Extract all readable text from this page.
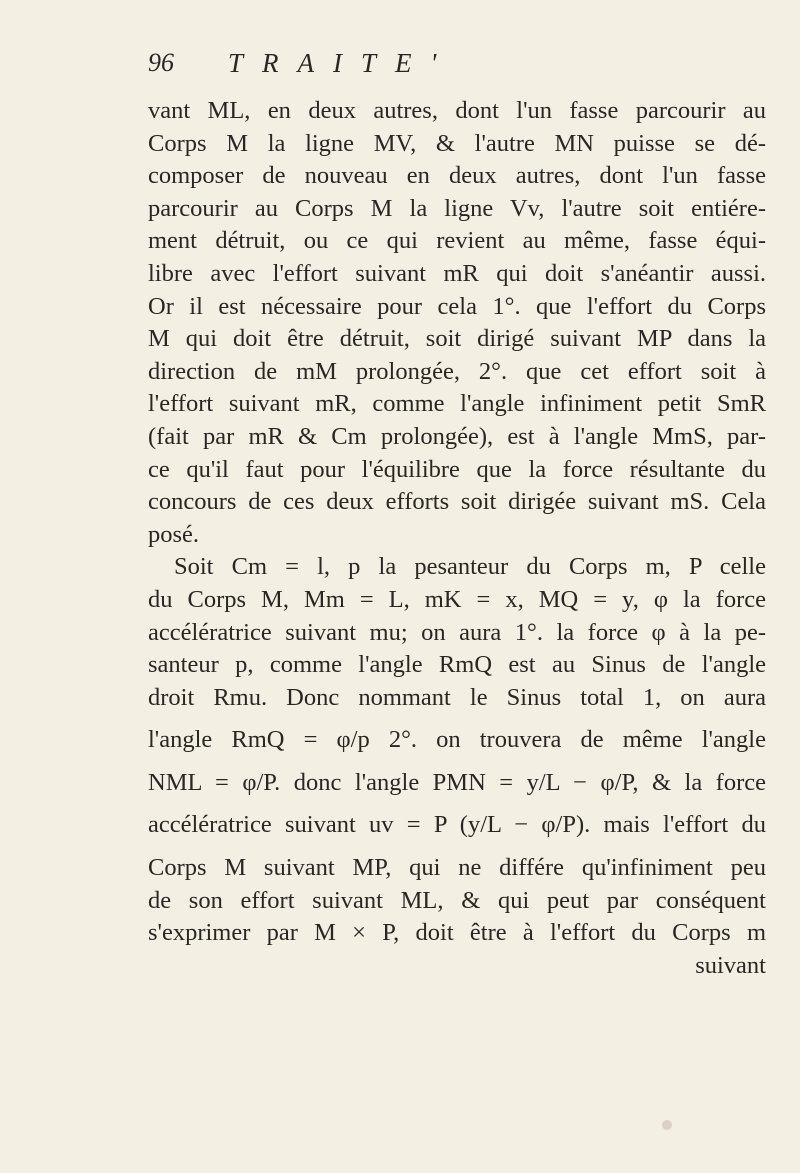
96 TRAITE'
vant ML, en deux autres, dont l'un fasse parcourir au
Corps M la ligne MV, & l'autre MN puisse se dé-
composer de nouveau en deux autres, dont l'un fasse
parcourir au Corps M la ligne Vv, l'autre soit entiére-
ment détruit, ou ce qui revient au même, fasse équi-
libre avec l'effort suivant mR qui doit s'anéantir aussi.
Or il est nécessaire pour cela 1°. que l'effort du Corps
M qui doit être détruit, soit dirigé suivant MP dans la
direction de mM prolongée, 2°. que cet effort soit à
l'effort suivant mR, comme l'angle infiniment petit SmR
(fait par mR & Cm prolongée), est à l'angle MmS, par-
ce qu'il faut pour l'équilibre que la force résultante du
concours de ces deux efforts soit dirigée suivant mS. Cela
posé.
Soit Cm = l, p la pesanteur du Corps m, P celle
du Corps M, Mm = L, mK = x, MQ = y, φ la force
accélératrice suivant mu; on aura 1°. la force φ à la pe-
santeur p, comme l'angle RmQ est au Sinus de l'angle
droit Rmu. Donc nommant le Sinus total 1, on aura
l'angle RmQ = φ/p 2°. on trouvera de même l'angle
NML = φ/P. donc l'angle PMN = y/L − φ/P, & la force
accélératrice suivant uv = P (y/L − φ/P). mais l'effort du
Corps M suivant MP, qui ne différe qu'infiniment peu
de son effort suivant ML, & qui peut par conséquent
s'exprimer par M × P, doit être à l'effort du Corps m
suivant
